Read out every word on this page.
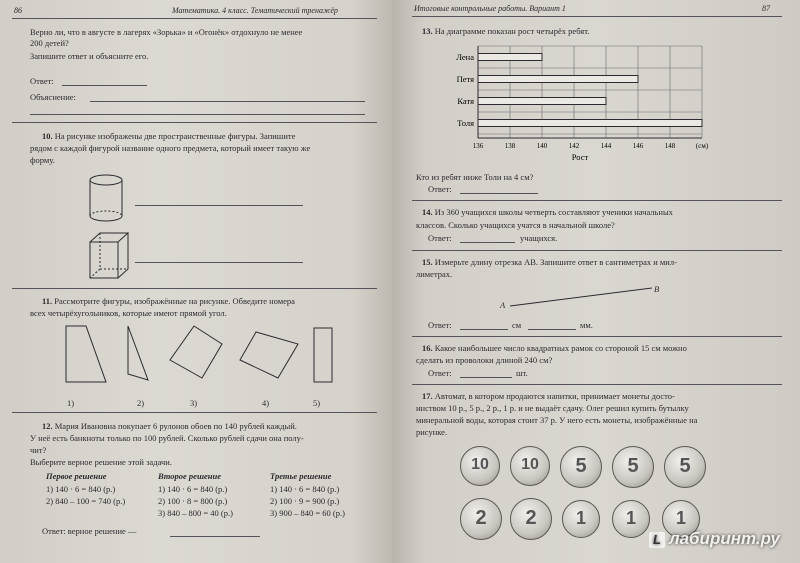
86	Математика. 4 класс. Тематический тренажёр
Верно ли, что в августе в лагерях «Зорька» и «Огонёк» отдохнуло не менее
200 детей?
Запишите ответ и объясните его.
Ответ:
Объяснение:
10. На рисунке изображены две пространственные фигуры. Запишите
рядом с каждой фигурой название одного предмета, который имеет такую же
форму.
11. Рассмотрите фигуры, изображённые на рисунке. Обведите номера
всех четырёхугольников, которые имеют прямой угол.
1)	2)	3)	4)	5)
12. Мария Ивановна покупает 6 рулонов обоев по 140 рублей каждый.
У неё есть банкноты только по 100 рублей. Сколько рублей сдачи она полу-
чит?
Выберите верное решение этой задачи.
Первое решение
1) 140 · 6 = 840 (р.)
2) 840 – 100 = 740 (р.)
Второе решение
1) 140 · 6 = 840 (р.)
2) 100 · 8 = 800 (р.)
3) 840 – 800 = 40 (р.)
Третье решение
1) 140 · 6 = 840 (р.)
2) 100 · 9 = 900 (р.)
3) 900 – 840 = 60 (р.)
Ответ: верное решение —
Итоговые контрольные работы. Вариант 1	87
13. На диаграмме показан рост четырёх ребят.
Лена
Петя
Катя
Толя
136	138	140	142	144	146	148	(см)
Рост
Кто из ребят ниже Толи на 4 см?
Ответ:
14. Из 360 учащихся школы четверть составляют ученики начальных
классов. Сколько учащихся учатся в начальной школе?
Ответ:	учащихся.
15. Измерьте длину отрезка AB. Запишите ответ в сантиметрах и мил-
лиметрах.
A
B
Ответ:	см	мм.
16. Какое наибольшее число квадратных рамок со стороной 15 см можно
сделать из проволоки длиной 240 см?
Ответ:	шт.
17. Автомат, в котором продаются напитки, принимает монеты досто-
инством 10 р., 5 р., 2 р., 1 р. и не выдаёт сдачу. Олег решил купить бутылку
минеральной воды, которая стоит 37 р. У него есть монеты, изображённые на
рисунке.
10	10	5	5	5
2	2	1	1	1
L лабиринт.ру
